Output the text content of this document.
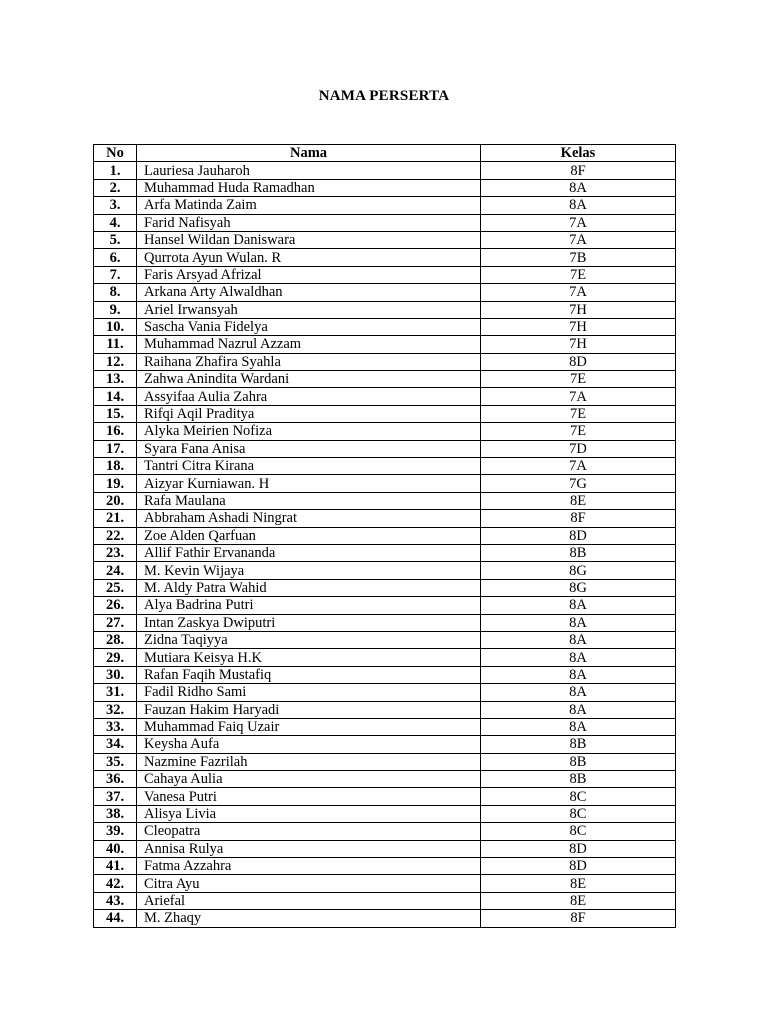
NAMA PERSERTA
No	Nama	Kelas
1.	Lauriesa Jauharoh	8F
2.	Muhammad Huda Ramadhan	8A
3.	Arfa Matinda Zaim	8A
4.	Farid Nafisyah	7A
5.	Hansel Wildan Daniswara	7A
6.	Qurrota Ayun Wulan. R	7B
7.	Faris Arsyad Afrizal	7E
8.	Arkana Arty Alwaldhan	7A
9.	Ariel Irwansyah	7H
10.	Sascha Vania Fidelya	7H
11.	Muhammad Nazrul Azzam	7H
12.	Raihana Zhafira Syahla	8D
13.	Zahwa Anindita Wardani	7E
14.	Assyifaa Aulia Zahra	7A
15.	Rifqi Aqil Praditya	7E
16.	Alyka Meirien Nofiza	7E
17.	Syara Fana Anisa	7D
18.	Tantri Citra Kirana	7A
19.	Aizyar Kurniawan. H	7G
20.	Rafa Maulana	8E
21.	Abbraham Ashadi Ningrat	8F
22.	Zoe Alden Qarfuan	8D
23.	Allif Fathir Ervananda	8B
24.	M. Kevin Wijaya	8G
25.	M. Aldy Patra Wahid	8G
26.	Alya Badrina Putri	8A
27.	Intan Zaskya Dwiputri	8A
28.	Zidna Taqiyya	8A
29.	Mutiara Keisya H.K	8A
30.	Rafan Faqih Mustafiq	8A
31.	Fadil Ridho Sami	8A
32.	Fauzan Hakim Haryadi	8A
33.	Muhammad Faiq Uzair	8A
34.	Keysha Aufa	8B
35.	Nazmine Fazrilah	8B
36.	Cahaya Aulia	8B
37.	Vanesa Putri	8C
38.	Alisya Livia	8C
39.	Cleopatra	8C
40.	Annisa Rulya	8D
41.	Fatma Azzahra	8D
42.	Citra Ayu	8E
43.	Ariefal	8E
44.	M. Zhaqy	8F
